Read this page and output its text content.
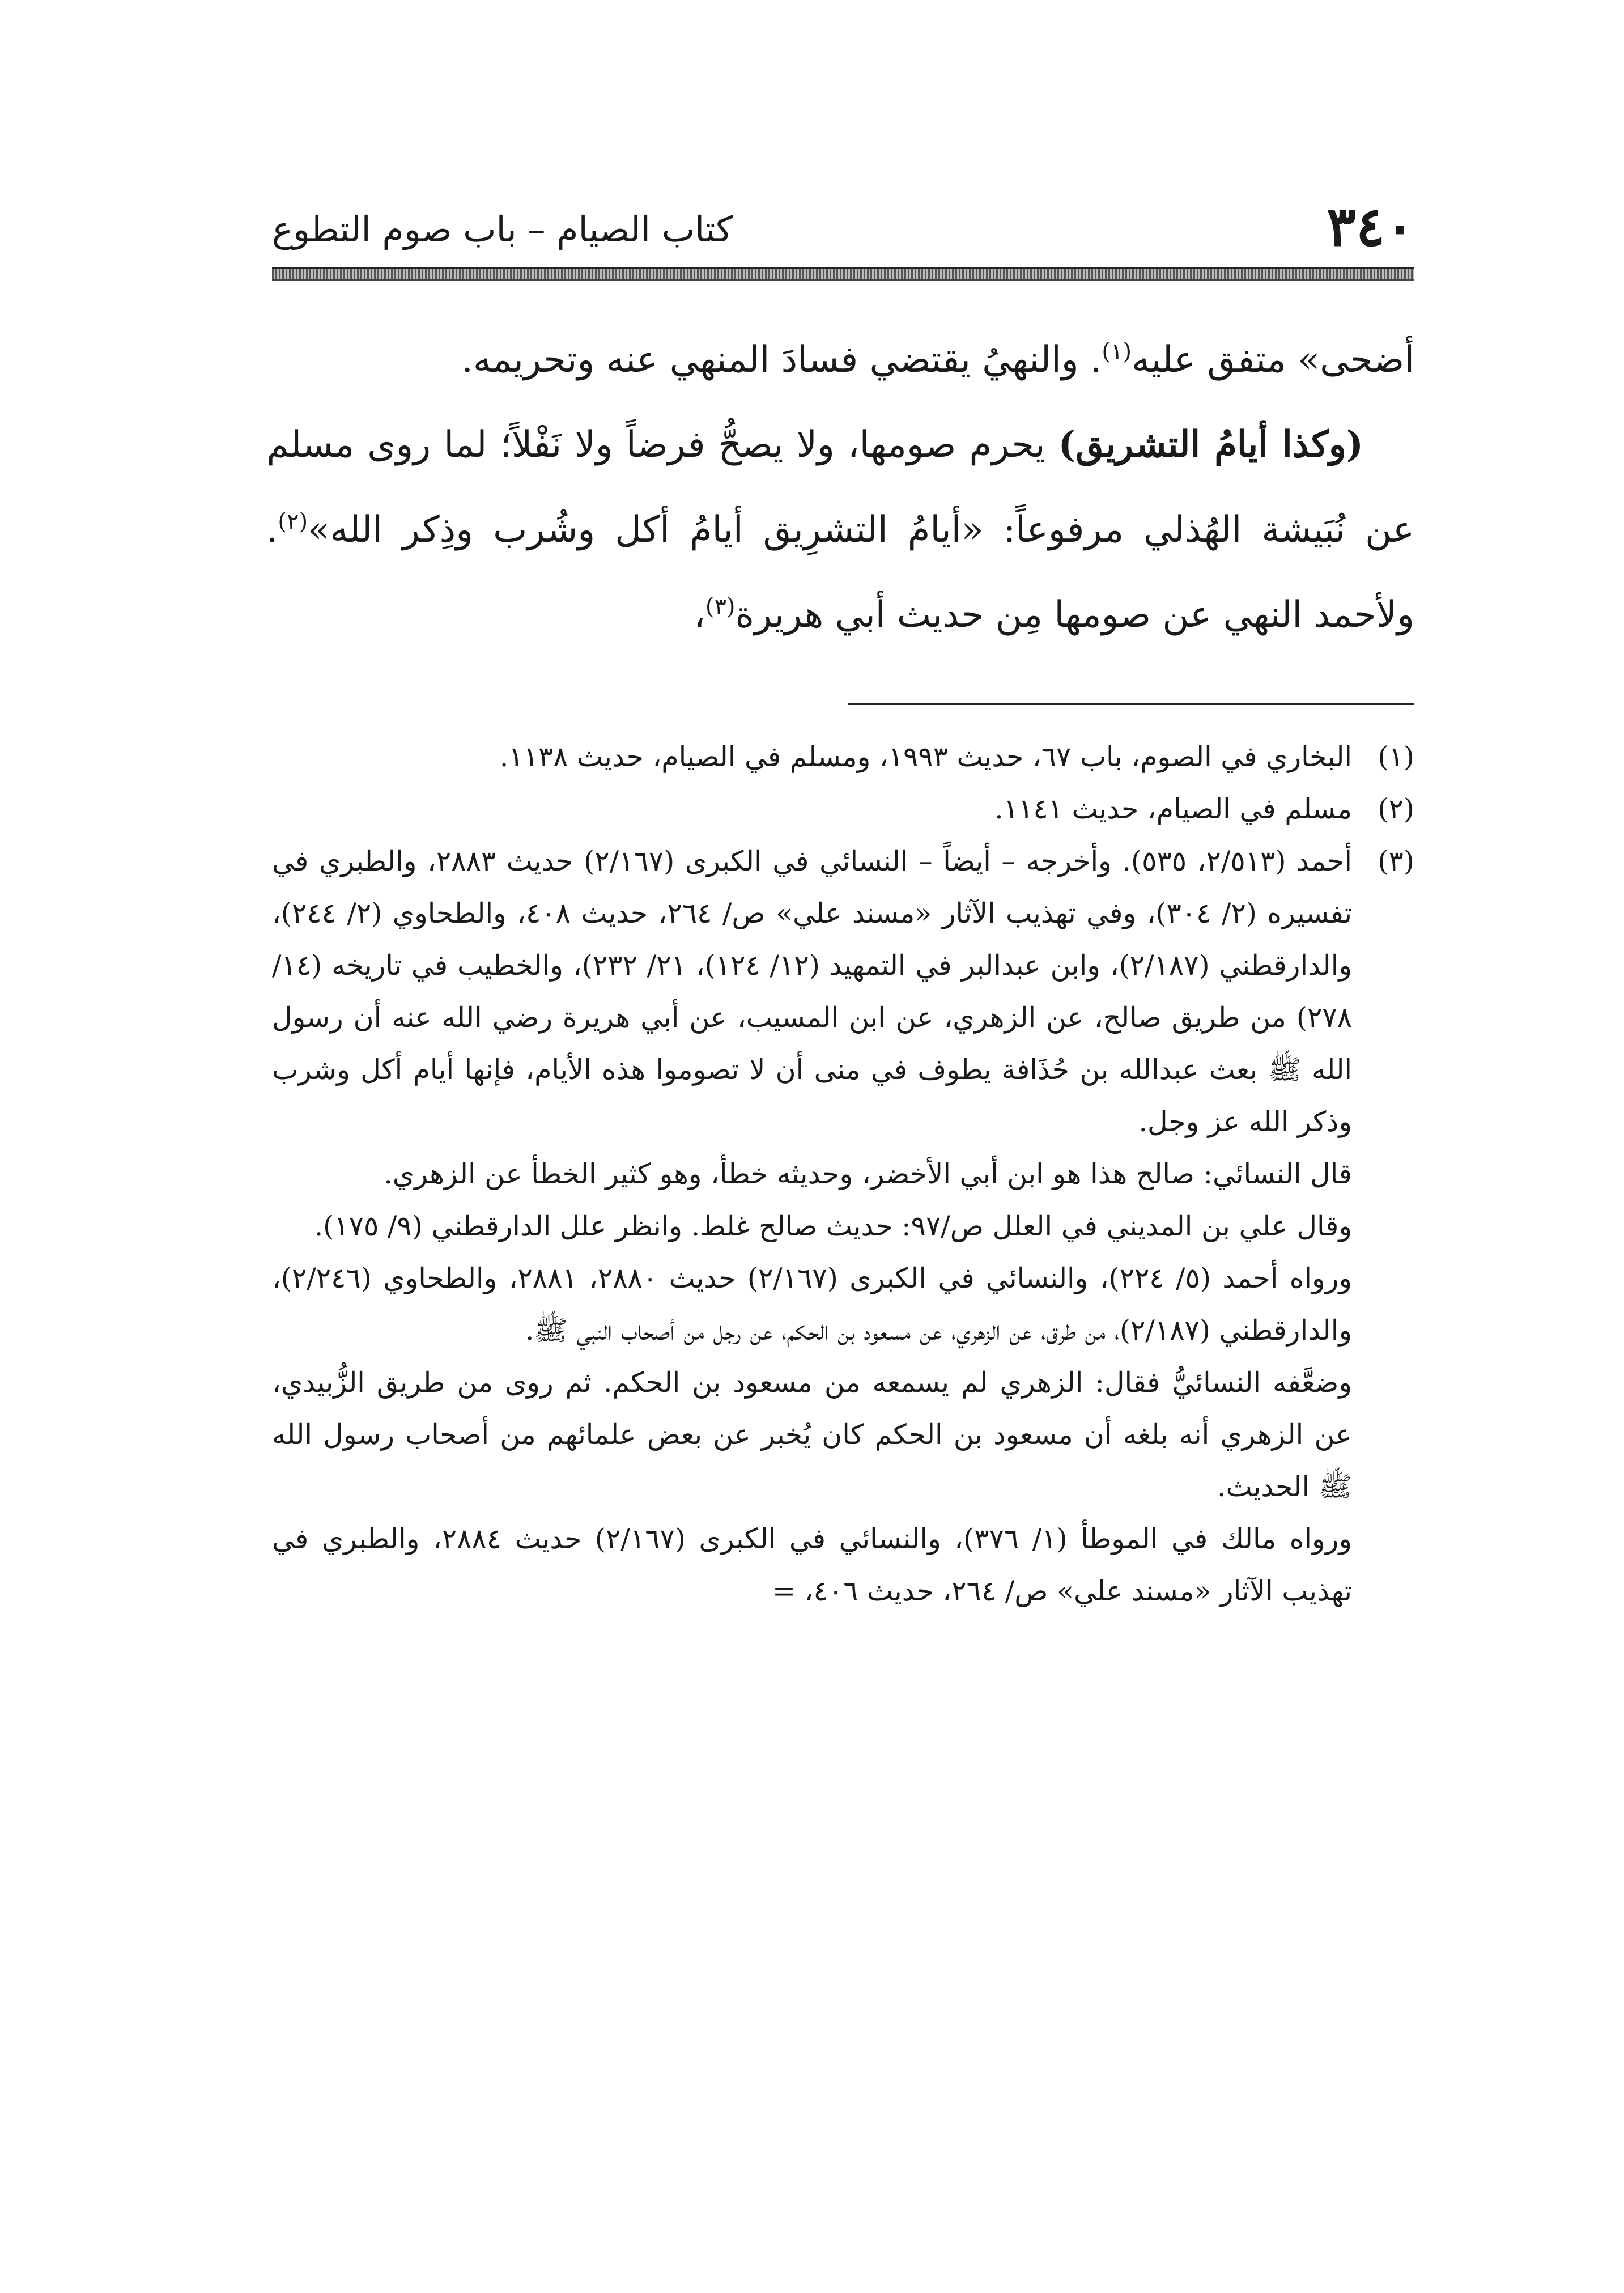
٣٤٠
كتاب الصيام – باب صوم التطوع

أضحى» متفق عليه$^{(١)}$. والنهيُ يقتضي فسادَ المنهي عنه وتحريمه.

(وكذا أيامُ التشريق) يحرم صومها، ولا يصحُّ فرضاً ولا نَفْلاً؛ لما روى مسلم عن نُبَيشة الهُذلي مرفوعاً: «أيامُ التشرِيق أيامُ أكل وشُرب وذِكر الله»$^{(٢)}$. ولأحمد النهي عن صومها مِن حديث أبي هريرة$^{(٣)}$،

(١)
البخاري في الصوم، باب ٦٧، حديث ١٩٩٣، ومسلم في الصيام، حديث ١١٣٨.

(٢)
مسلم في الصيام، حديث ١١٤١.

(٣)
أحمد (٢/٥١٣، ٥٣٥). وأخرجه – أيضاً – النسائي في الكبرى (٢/١٦٧) حديث ٢٨٨٣، والطبري في تفسيره (٢/ ٣٠٤)، وفي تهذيب الآثار «مسند علي» ص/ ٢٦٤، حديث ٤٠٨، والطحاوي (٢/ ٢٤٤)، والدارقطني (٢/١٨٧)، وابن عبدالبر في التمهيد (١٢/ ١٢٤)، ٢١/ ٢٣٢)، والخطيب في تاريخه (١٤/ ٢٧٨) من طريق صالح، عن الزهري، عن ابن المسيب، عن أبي هريرة رضي الله عنه أن رسول الله ﷺ بعث عبدالله بن حُذَافة يطوف في منى أن لا تصوموا هذه الأيام، فإنها أيام أكل وشرب وذكر الله عز وجل.

قال النسائي: صالح هذا هو ابن أبي الأخضر، وحديثه خطأ، وهو كثير الخطأ عن الزهري.

وقال علي بن المديني في العلل ص/٩٧: حديث صالح غلط. وانظر علل الدارقطني (٩/ ١٧٥).

ورواه أحمد (٥/ ٢٢٤)، والنسائي في الكبرى (٢/١٦٧) حديث ٢٨٨٠، ٢٨٨١، والطحاوي (٢/٢٤٦)، والدارقطني (٢/١٨٧)، من طرق، عن الزهري، عن مسعود بن الحكم، عن رجل من أصحاب النبي ﷺ.

وضعَّفه النسائيُّ فقال: الزهري لم يسمعه من مسعود بن الحكم. ثم روى من طريق الزُّبيدي، عن الزهري أنه بلغه أن مسعود بن الحكم كان يُخبر عن بعض علمائهم من أصحاب رسول الله ﷺ الحديث.

ورواه مالك في الموطأ (١/ ٣٧٦)، والنسائي في الكبرى (٢/١٦٧) حديث ٢٨٨٤، والطبري في تهذيب الآثار «مسند علي» ص/ ٢٦٤، حديث ٤٠٦، =
